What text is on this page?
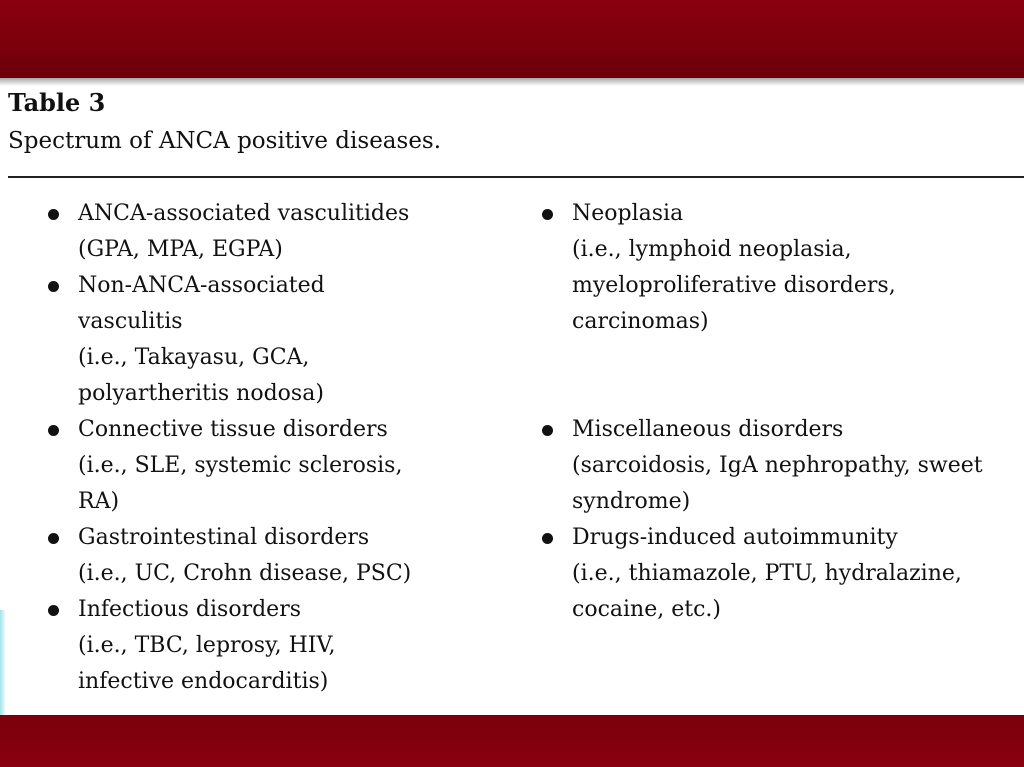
Table 3

Spectrum of ANCA positive diseases.

ANCA-associated vasculitides
(GPA, MPA, EGPA)
Non-ANCA-associated
vasculitis
(i.e., Takayasu, GCA,
polyartheritis nodosa)
Connective tissue disorders
(i.e., SLE, systemic sclerosis,
RA)
Gastrointestinal disorders
(i.e., UC, Crohn disease, PSC)
Infectious disorders
(i.e., TBC, leprosy, HIV,
infective endocarditis)
Neoplasia
(i.e., lymphoid neoplasia,
myeloproliferative disorders,
carcinomas)
Miscellaneous disorders
(sarcoidosis, IgA nephropathy, sweet
syndrome)
Drugs-induced autoimmunity
(i.e., thiamazole, PTU, hydralazine,
cocaine, etc.)
